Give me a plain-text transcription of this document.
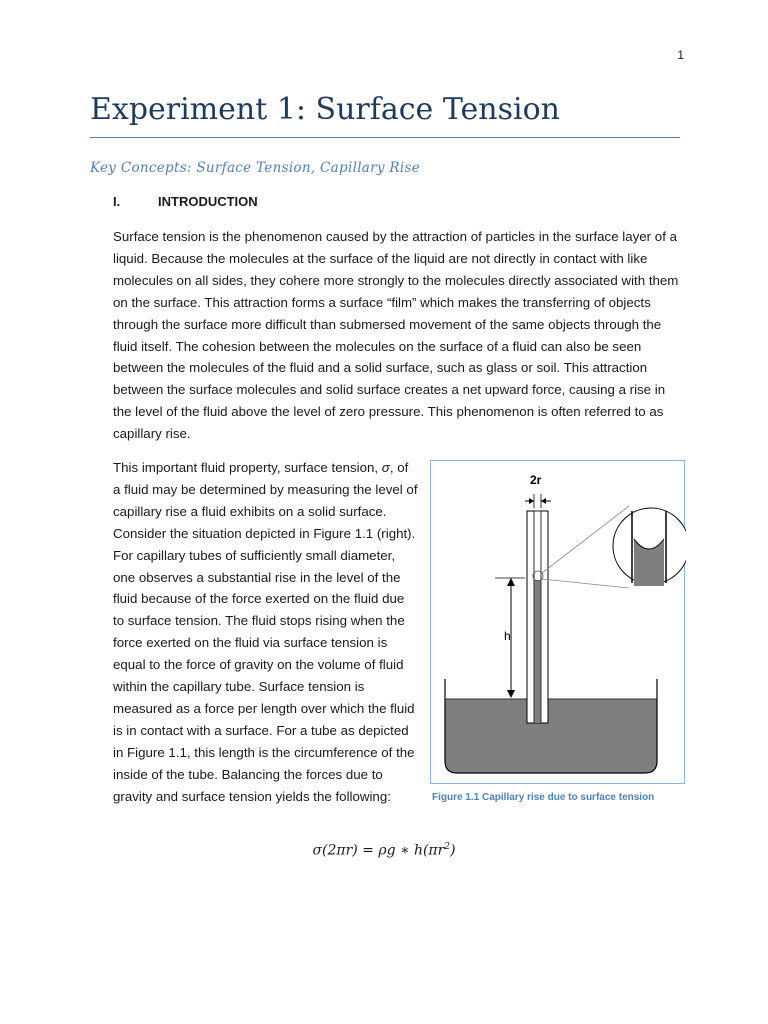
1
Experiment 1: Surface Tension
Key Concepts: Surface Tension, Capillary Rise
I.	INTRODUCTION

Surface tension is the phenomenon caused by the attraction of particles in the surface layer of a liquid. Because the molecules at the surface of the liquid are not directly in contact with like molecules on all sides, they cohere more strongly to the molecules directly associated with them on the surface. This attraction forms a surface “film” which makes the transferring of objects through the surface more difficult than submersed movement of the same objects through the fluid itself. The cohesion between the molecules on the surface of a fluid can also be seen between the molecules of the fluid and a solid surface, such as glass or soil. This attraction between the surface molecules and solid surface creates a net upward force, causing a rise in the level of the fluid above the level of zero pressure. This phenomenon is often referred to as capillary rise.

This important fluid property, surface tension, σ, of a fluid may be determined by measuring the level of capillary rise a fluid exhibits on a solid surface. Consider the situation depicted in Figure 1.1 (right). For capillary tubes of sufficiently small diameter, one observes a substantial rise in the level of the fluid because of the force exerted on the fluid due to surface tension. The fluid stops rising when the force exerted on the fluid via surface tension is equal to the force of gravity on the volume of fluid within the capillary tube. Surface tension is measured as a force per length over which the fluid is in contact with a surface. For a tube as depicted in Figure 1.1, this length is the circumference of the inside of the tube. Balancing the forces due to gravity and surface tension yields the following:

2r
h
Figure 1.1 Capillary rise due to surface tension
σ(2πr) = ρg ∗ $h(\pi r^2)$
